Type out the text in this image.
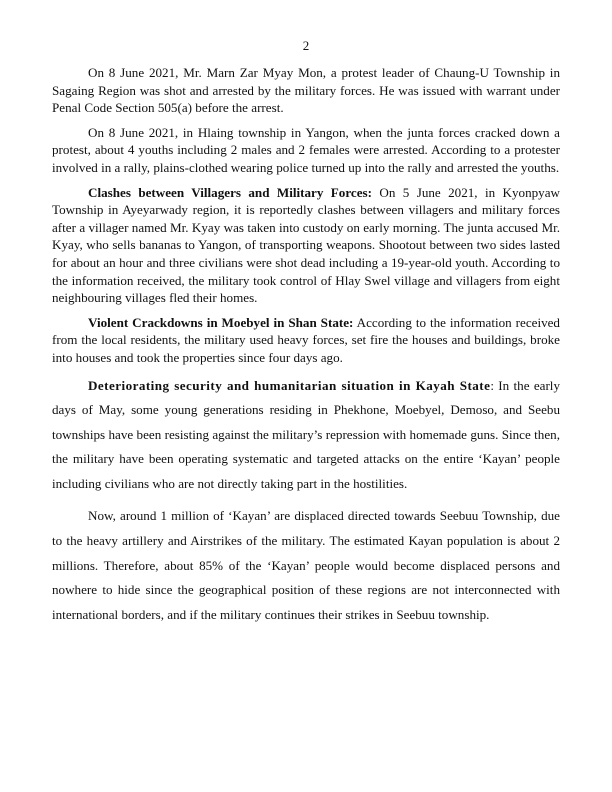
2

On 8 June 2021, Mr. Marn Zar Myay Mon, a protest leader of Chaung-U Township in Sagaing Region was shot and arrested by the military forces. He was issued with warrant under Penal Code Section 505(a) before the arrest.

On 8 June 2021, in Hlaing township in Yangon, when the junta forces cracked down a protest, about 4 youths including 2 males and 2 females were arrested. According to a protester involved in a rally, plains-clothed wearing police turned up into the rally and arrested the youths.

Clashes between Villagers and Military Forces: On 5 June 2021, in Kyonpyaw Township in Ayeyarwady region, it is reportedly clashes between villagers and military forces after a villager named Mr. Kyay was taken into custody on early morning. The junta accused Mr. Kyay, who sells bananas to Yangon, of transporting weapons. Shootout between two sides lasted for about an hour and three civilians were shot dead including a 19-year-old youth. According to the information received, the military took control of Hlay Swel village and villagers from eight neighbouring villages fled their homes.

Violent Crackdowns in Moebyel in Shan State: According to the information received from the local residents, the military used heavy forces, set fire the houses and buildings, broke into houses and took the properties since four days ago.

Deteriorating security and humanitarian situation in Kayah State: In the early days of May, some young generations residing in Phekhone, Moebyel, Demoso, and Seebu townships have been resisting against the military’s repression with homemade guns. Since then, the military have been operating systematic and targeted attacks on the entire ‘Kayan’ people including civilians who are not directly taking part in the hostilities.

Now, around 1 million of ‘Kayan’ are displaced directed towards Seebuu Township, due to the heavy artillery and Airstrikes of the military. The estimated Kayan population is about 2 millions. Therefore, about 85% of the ‘Kayan’ people would become displaced persons and nowhere to hide since the geographical position of these regions are not interconnected with international borders, and if the military continues their strikes in Seebuu township.
